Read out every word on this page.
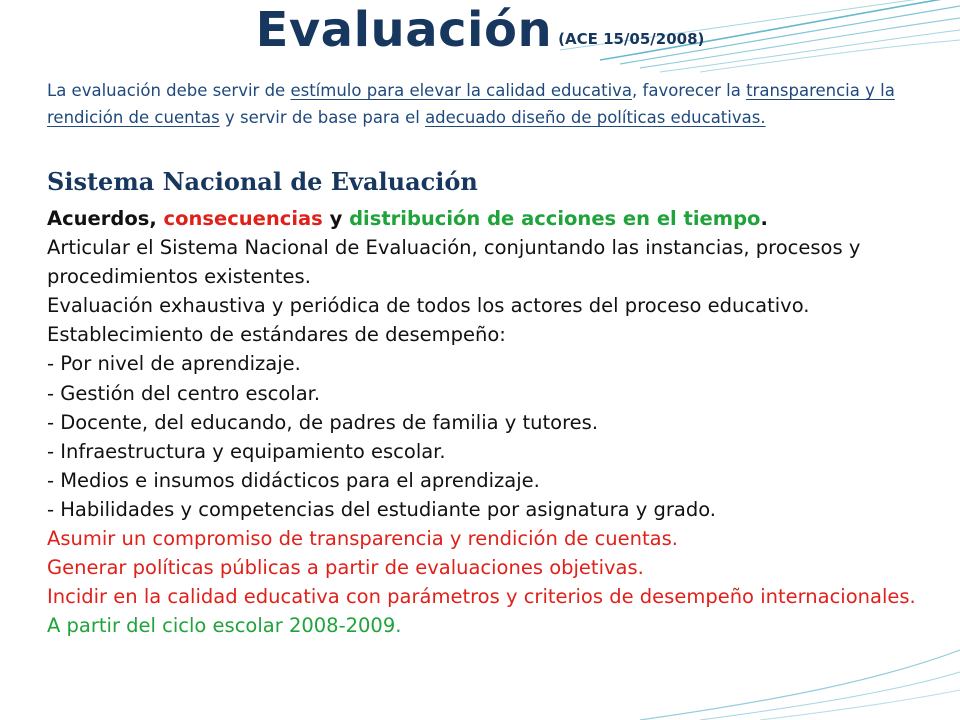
Evaluación (ACE 15/05/2008)

La evaluación debe servir de estímulo para elevar la calidad educativa, favorecer la transparencia y la rendición de cuentas y servir de base para el adecuado diseño de políticas educativas.

Sistema Nacional de Evaluación

Acuerdos, consecuencias y distribución de acciones en el tiempo.

Articular el Sistema Nacional de Evaluación, conjuntando las instancias, procesos y procedimientos existentes.

Evaluación exhaustiva y periódica de todos los actores del proceso educativo.

Establecimiento de estándares de desempeño:

- Por nivel de aprendizaje.

- Gestión del centro escolar.

- Docente, del educando, de padres de familia y tutores.

- Infraestructura y equipamiento escolar.

- Medios e insumos didácticos para el aprendizaje.

- Habilidades y competencias del estudiante por asignatura y grado.

Asumir un compromiso de transparencia y rendición de cuentas.

Generar políticas públicas a partir de evaluaciones objetivas.

Incidir en la calidad educativa con parámetros y criterios de desempeño internacionales.

A partir del ciclo escolar 2008-2009.
